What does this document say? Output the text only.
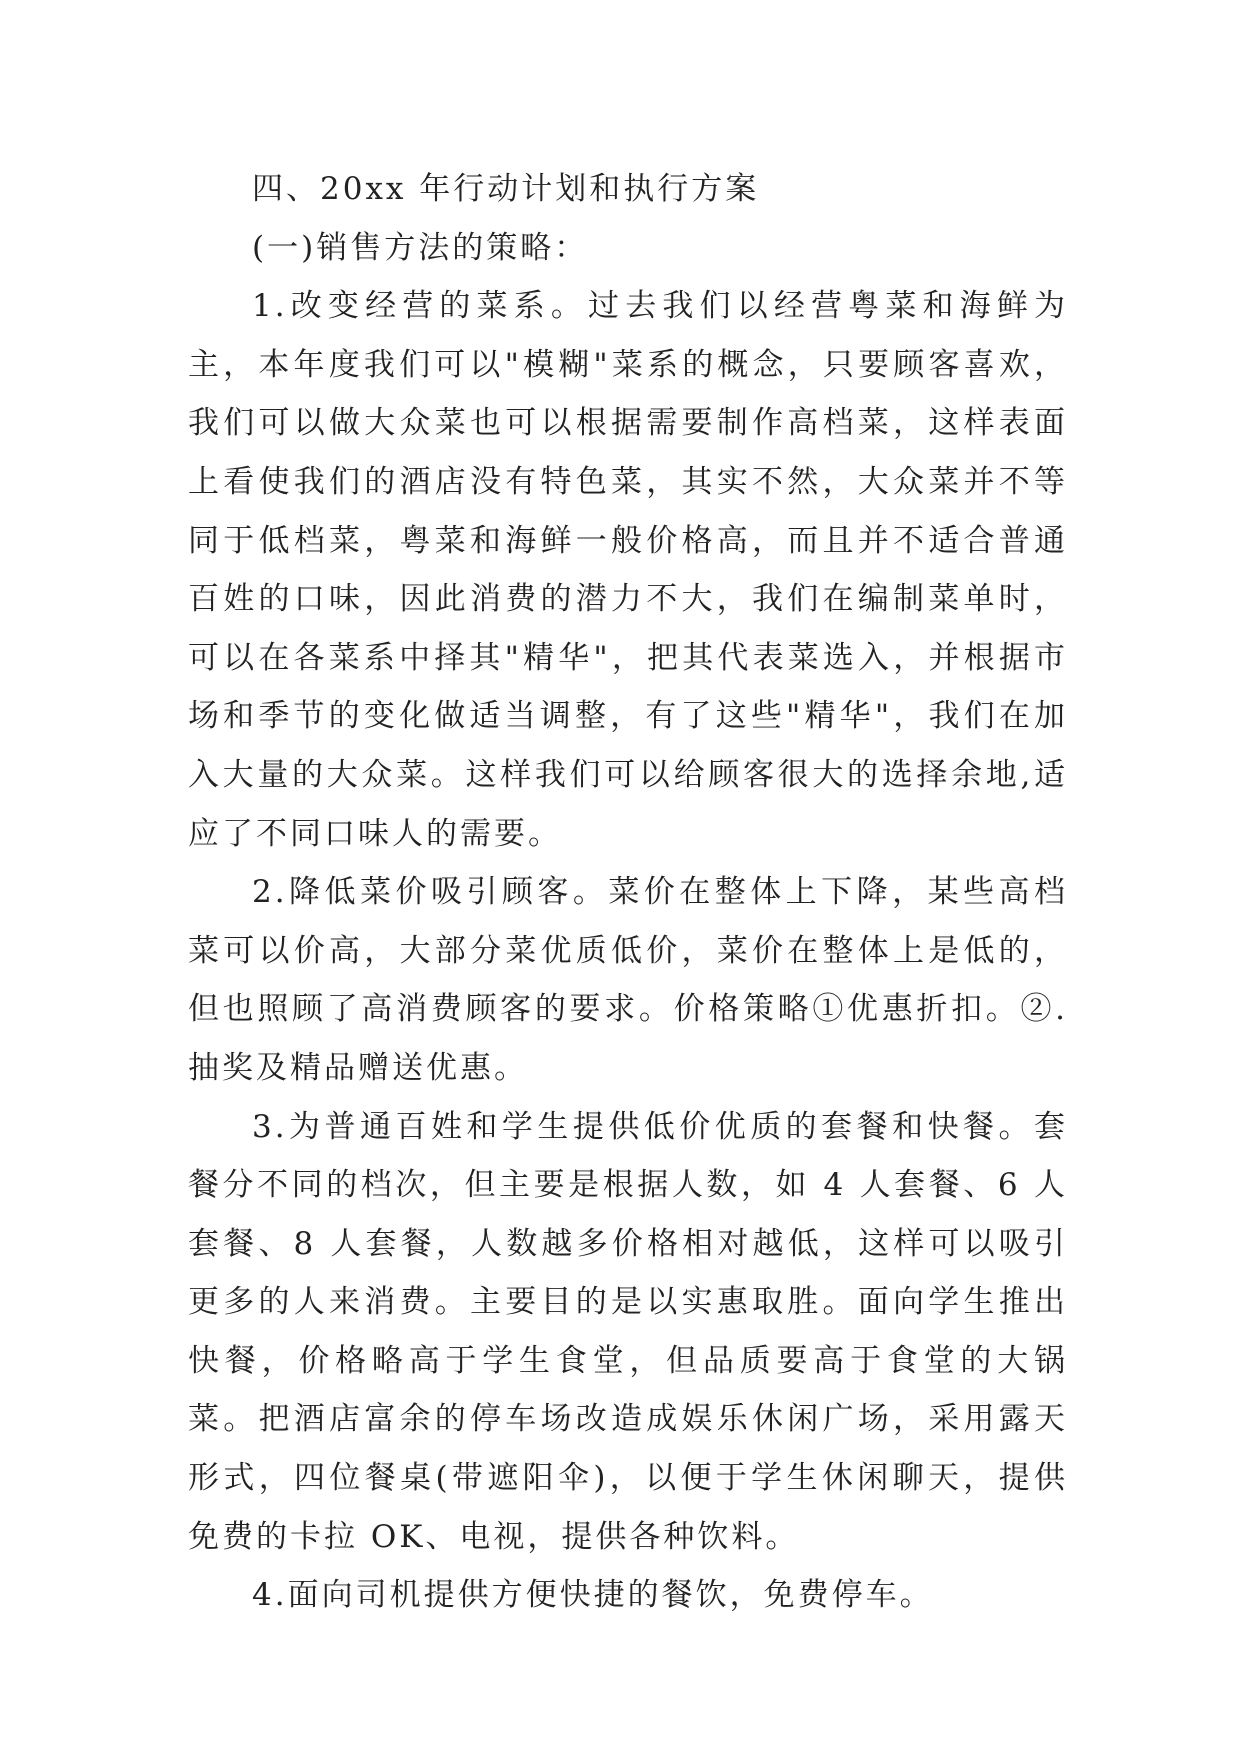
四、20xx 年行动计划和执行方案

(一)销售方法的策略：

1.改变经营的菜系。过去我们以经营粤菜和海鲜为主，本年度我们可以"模糊"菜系的概念，只要顾客喜欢，我们可以做大众菜也可以根据需要制作高档菜，这样表面上看使我们的酒店没有特色菜，其实不然，大众菜并不等同于低档菜，粤菜和海鲜一般价格高，而且并不适合普通百姓的口味，因此消费的潜力不大，我们在编制菜单时，可以在各菜系中择其"精华"，把其代表菜选入，并根据市场和季节的变化做适当调整，有了这些"精华"，我们在加入大量的大众菜。这样我们可以给顾客很大的选择余地,适应了不同口味人的需要。

2.降低菜价吸引顾客。菜价在整体上下降，某些高档菜可以价高，大部分菜优质低价，菜价在整体上是低的，但也照顾了高消费顾客的要求。价格策略①优惠折扣。②.抽奖及精品赠送优惠。

3.为普通百姓和学生提供低价优质的套餐和快餐。套餐分不同的档次，但主要是根据人数，如 4 人套餐、6 人套餐、8 人套餐，人数越多价格相对越低，这样可以吸引更多的人来消费。主要目的是以实惠取胜。面向学生推出快餐，价格略高于学生食堂，但品质要高于食堂的大锅菜。把酒店富余的停车场改造成娱乐休闲广场，采用露天形式，四位餐桌(带遮阳伞)，以便于学生休闲聊天，提供免费的卡拉 OK、电视，提供各种饮料。

4.面向司机提供方便快捷的餐饮，免费停车。
